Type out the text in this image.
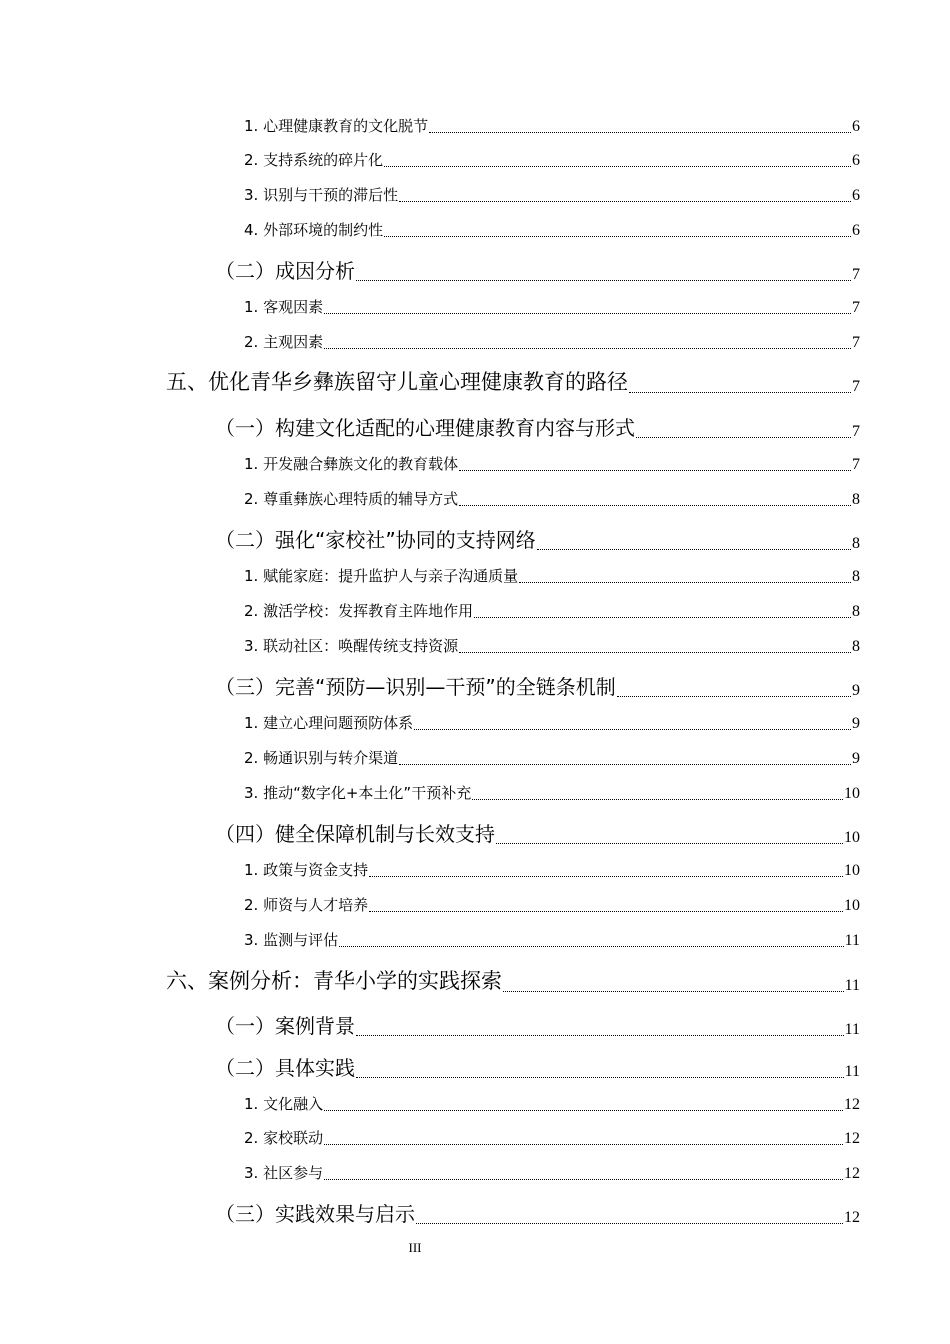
1. 心理健康教育的文化脱节	6
2. 支持系统的碎片化	6
3. 识别与干预的滞后性	6
4. 外部环境的制约性	6
（二）成因分析	7
1. 客观因素	7
2. 主观因素	7
五、优化青华乡彝族留守儿童心理健康教育的路径	7
（一）构建文化适配的心理健康教育内容与形式	7
1. 开发融合彝族文化的教育载体	7
2. 尊重彝族心理特质的辅导方式	8
（二）强化“家校社”协同的支持网络	8
1. 赋能家庭：提升监护人与亲子沟通质量	8
2. 激活学校：发挥教育主阵地作用	8
3. 联动社区：唤醒传统支持资源	8
（三）完善“预防—识别—干预”的全链条机制	9
1. 建立心理问题预防体系	9
2. 畅通识别与转介渠道	9
3. 推动“数字化+本土化”干预补充	10
（四）健全保障机制与长效支持	10
1. 政策与资金支持	10
2. 师资与人才培养	10
3. 监测与评估	11
六、案例分析：青华小学的实践探索	11
（一）案例背景	11
（二）具体实践	11
1. 文化融入	12
2. 家校联动	12
3. 社区参与	12
（三）实践效果与启示	12
III
